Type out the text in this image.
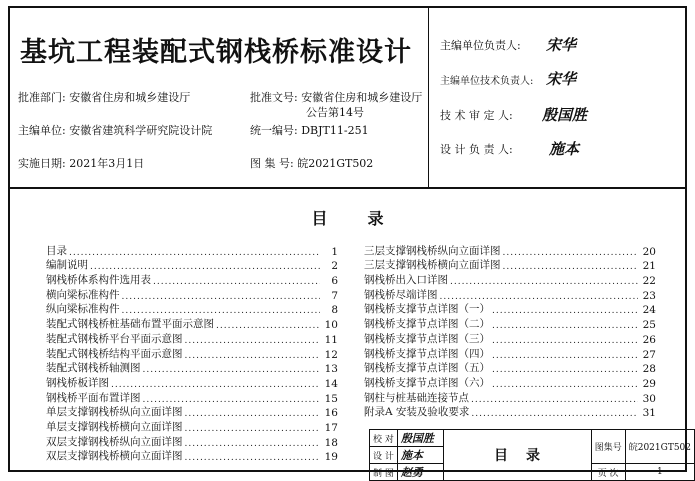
基坑工程装配式钢栈桥标准设计
批准部门: 安徽省住房和城乡建设厅	批准文号: 安徽省住房和城乡建设厅
公告第14号
主编单位: 安徽省建筑科学研究院设计院	统一编号: DBJT11-251
实施日期: 2021年3月1日	图 集 号: 皖2021GT502
主编单位负责人: 宋华
主编单位技术负责人: 宋华
技 术 审 定 人: 殷国胜
设 计 负 责 人: 施本
目录
目录 .....	1
编制说明 .....	2
钢栈桥体系构件选用表 .....	6
横向梁标准构件 .....	7
纵向梁标准构件 .....	8
装配式钢栈桥桩基础布置平面示意图 .....	10
装配式钢栈桥平台平面示意图 .....	11
装配式钢栈桥结构平面示意图 .....	12
装配式钢栈桥轴测图 .....	13
钢栈桥板详图 .....	14
钢栈桥平面布置详图 .....	15
单层支撑钢栈桥纵向立面详图 .....	16
单层支撑钢栈桥横向立面详图 .....	17
双层支撑钢栈桥纵向立面详图 .....	18
双层支撑钢栈桥横向立面详图 .....	19
三层支撑钢栈桥纵向立面详图 .....	20
三层支撑钢栈桥横向立面详图 .....	21
钢栈桥出入口详图 .....	22
钢栈桥尽端详图 .....	23
钢栈桥支撑节点详图（一） .....	24
钢栈桥支撑节点详图（二） .....	25
钢栈桥支撑节点详图（三） .....	26
钢栈桥支撑节点详图（四） .....	27
钢栈桥支撑节点详图（五） .....	28
钢栈桥支撑节点详图（六） .....	29
钢柱与桩基础连接节点 .....	30
附录A 安装及验收要求 .....	31
校 对	殷国胜	目录	图集号	皖2021GT502
设 计	施本			
制 图	赵勇		页 次	1
